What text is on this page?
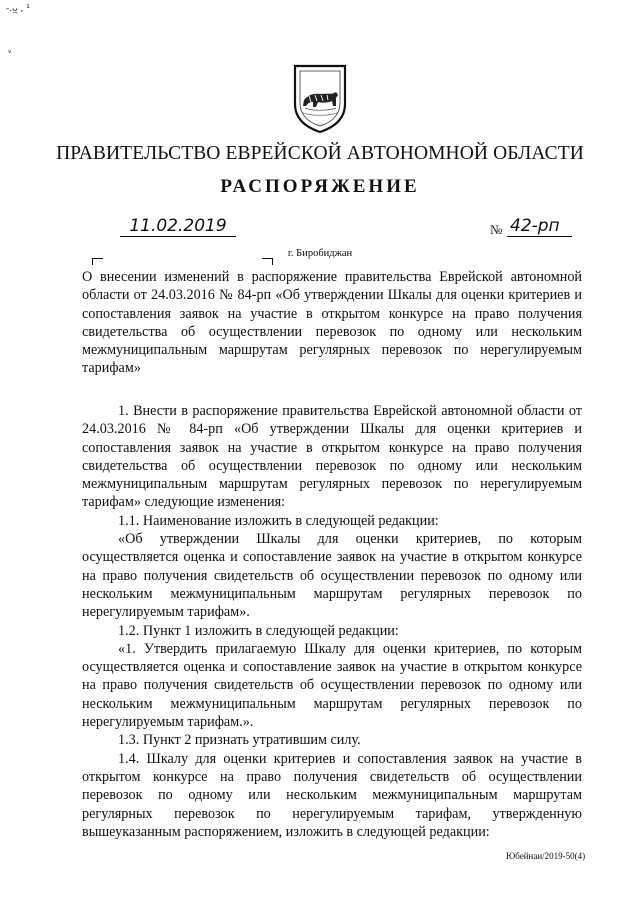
-.ᴗ̲ , ¹
ᵥ
ПРАВИТЕЛЬСТВО ЕВРЕЙСКОЙ АВТОНОМНОЙ ОБЛАСТИ
РАСПОРЯЖЕНИЕ
11.02.2019	№ 42-рп
г. Биробиджан
О внесении изменений в распоряжение правительства Еврейской автономной области от 24.03.2016 № 84-рп «Об утверждении Шкалы для оценки критериев и сопоставления заявок на участие в открытом конкурсе на право получения свидетельства об осуществлении перевозок по одному или нескольким межмуниципальным маршрутам регулярных перевозок по нерегулируемым тарифам»

1. Внести в распоряжение правительства Еврейской автономной области от 24.03.2016 № 84-рп «Об утверждении Шкалы для оценки критериев и сопоставления заявок на участие в открытом конкурсе на право получения свидетельства об осуществлении перевозок по одному или нескольким межмуниципальным маршрутам регулярных перевозок по нерегулируемым тарифам» следующие изменения:

1.1. Наименование изложить в следующей редакции:

«Об утверждении Шкалы для оценки критериев, по которым осуществляется оценка и сопоставление заявок на участие в открытом конкурсе на право получения свидетельств об осуществлении перевозок по одному или нескольким межмуниципальным маршрутам регулярных перевозок по нерегулируемым тарифам».

1.2. Пункт 1 изложить в следующей редакции:

«1. Утвердить прилагаемую Шкалу для оценки критериев, по которым осуществляется оценка и сопоставление заявок на участие в открытом конкурсе на право получения свидетельств об осуществлении перевозок по одному или нескольким межмуниципальным маршрутам регулярных перевозок по нерегулируемым тарифам.».

1.3. Пункт 2 признать утратившим силу.

1.4. Шкалу для оценки критериев и сопоставления заявок на участие в открытом конкурсе на право получения свидетельств об осуществлении перевозок по одному или нескольким межмуниципальным маршрутам регулярных перевозок по нерегулируемым тарифам, утвержденную вышеуказанным распоряжением, изложить в следующей редакции:

Юбейнаи/2019-50(4)
